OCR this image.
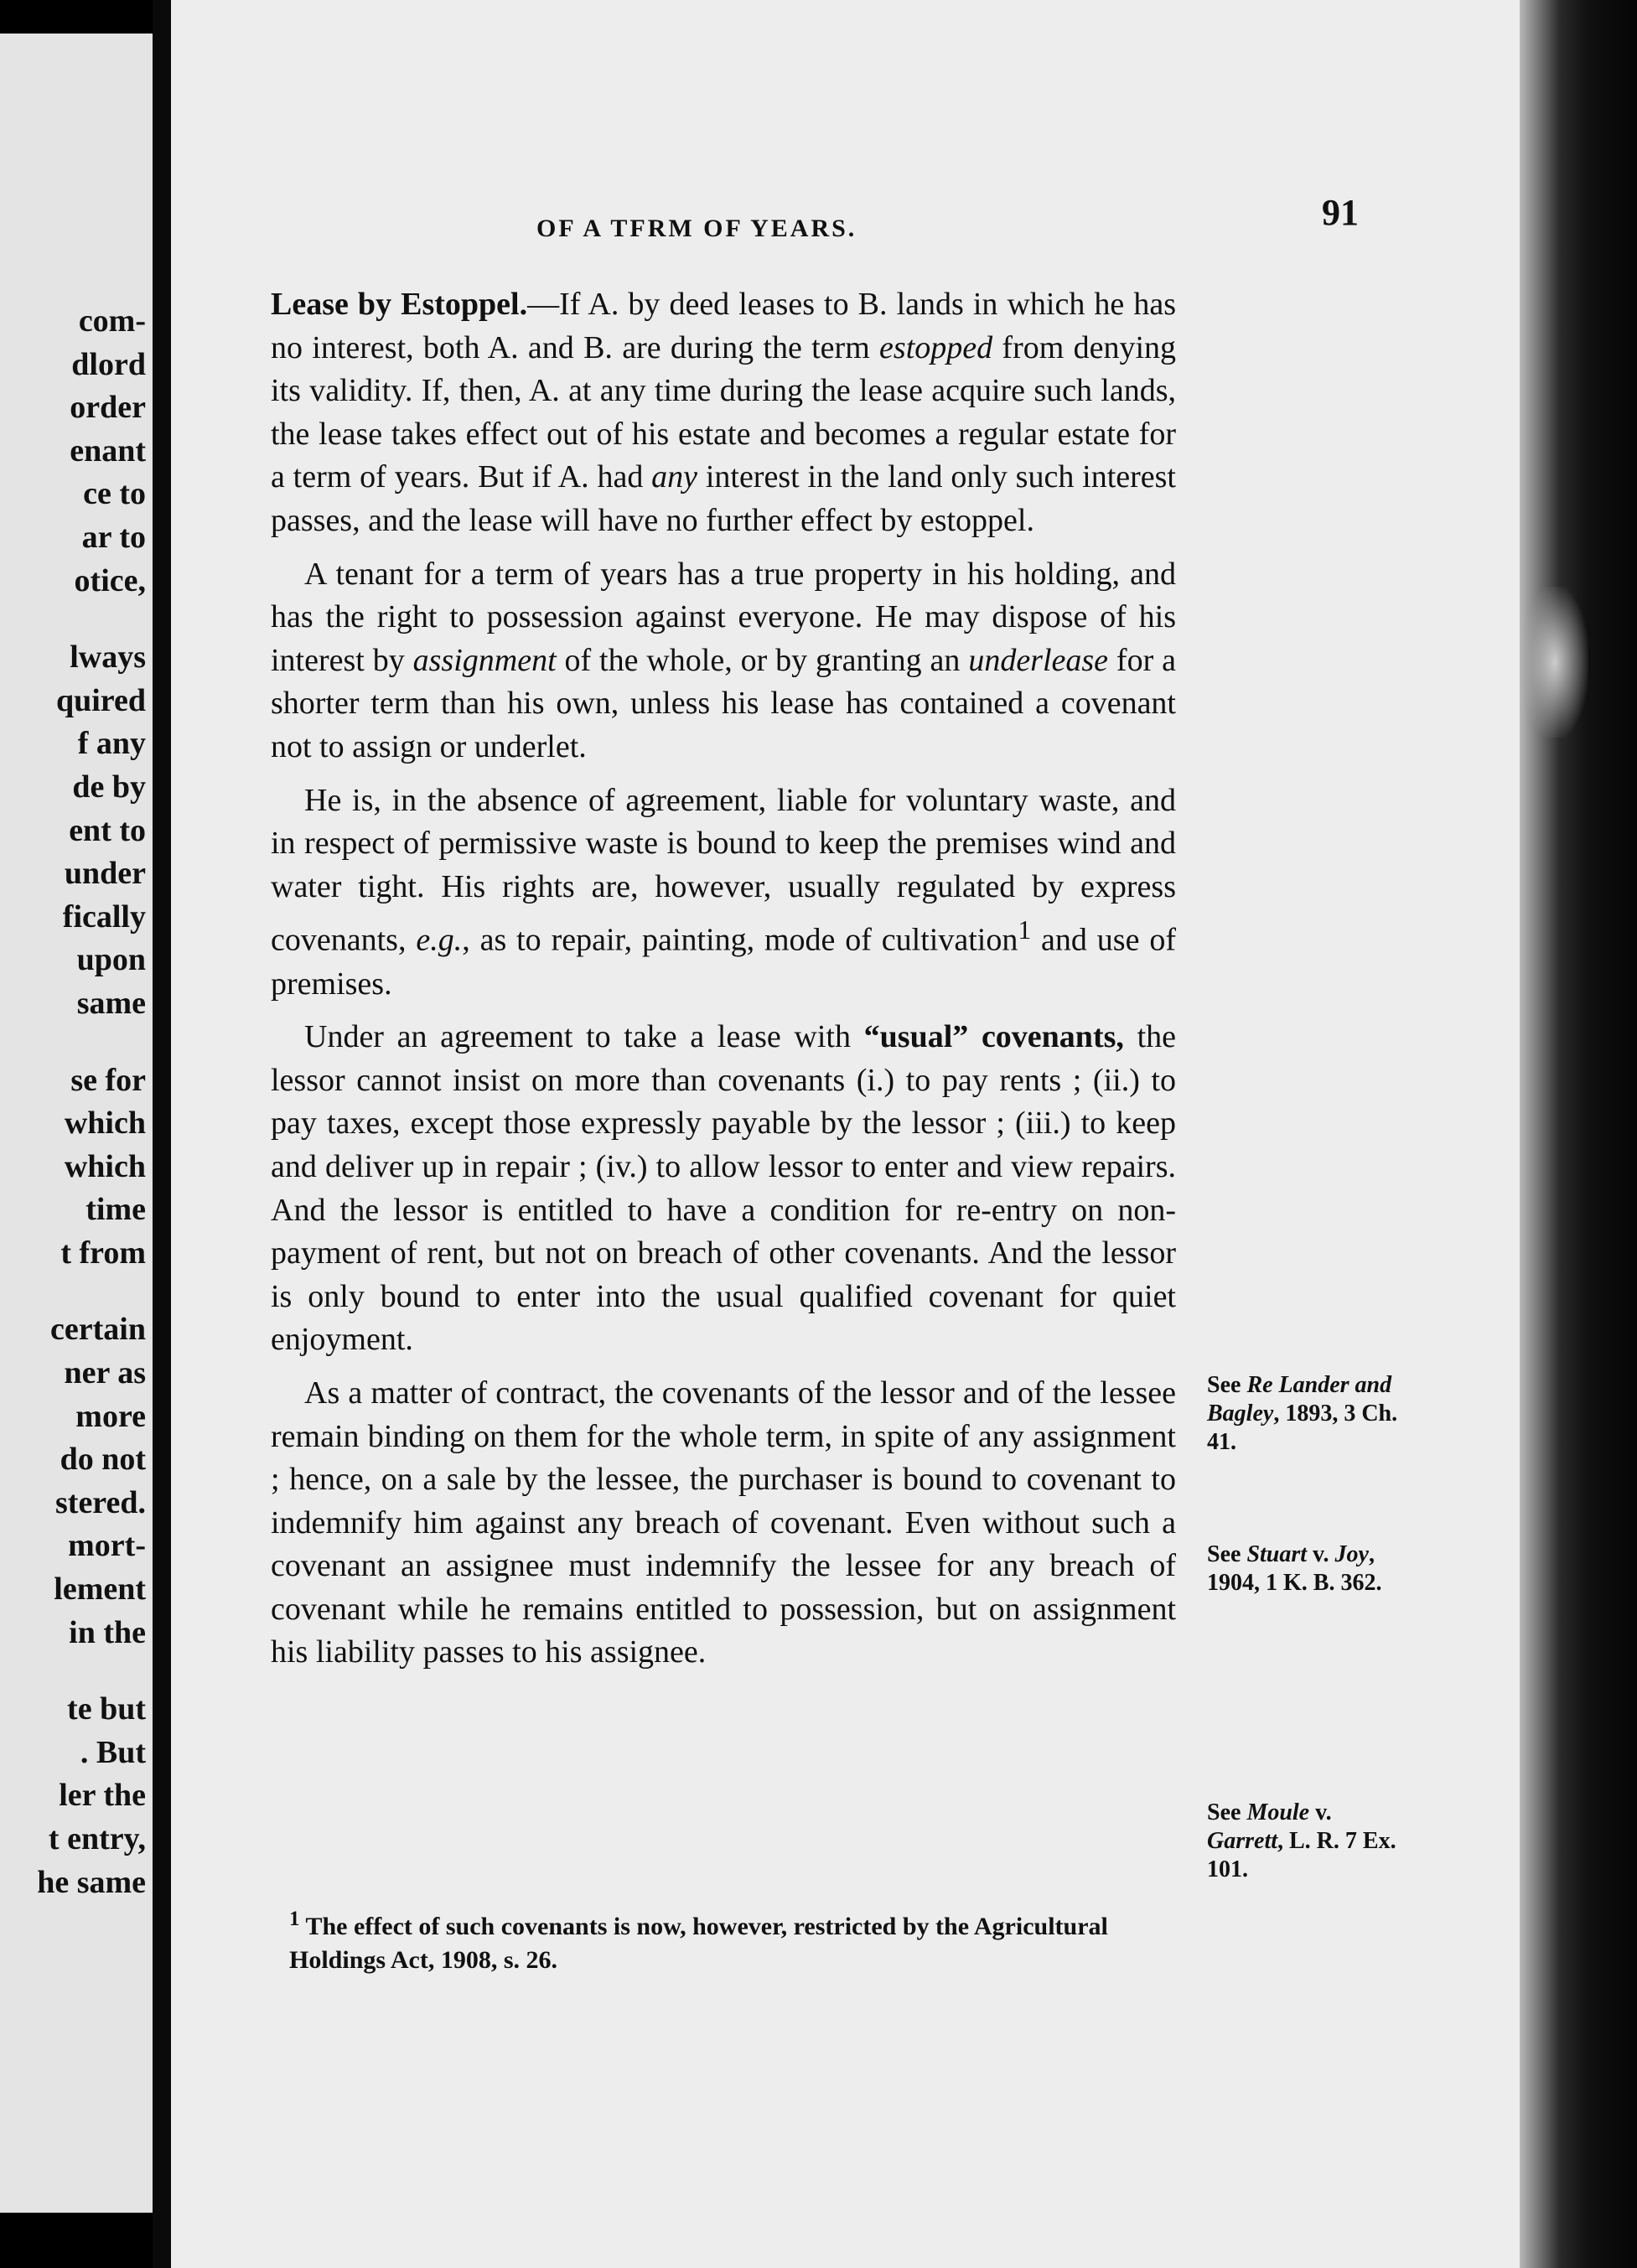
com-
dlord
order
enant
ce to
ar to
otice,
lways
quired
f any
de by
ent to
under
fically
upon
same
se for
which
which
time
t from
certain
ner as
more
do not
stered.
mort-
lement
in the
te but
. But
ler the
t entry,
he same
OF A TFRM OF YEARS.	91

Lease by Estoppel.—If A. by deed leases to B. lands in which he has no interest, both A. and B. are during the term estopped from denying its validity. If, then, A. at any time during the lease acquire such lands, the lease takes effect out of his estate and becomes a regular estate for a term of years. But if A. had any interest in the land only such interest passes, and the lease will have no further effect by estoppel.

A tenant for a term of years has a true property in his holding, and has the right to possession against everyone. He may dispose of his interest by assignment of the whole, or by granting an underlease for a shorter term than his own, unless his lease has contained a covenant not to assign or underlet.

He is, in the absence of agreement, liable for voluntary waste, and in respect of permissive waste is bound to keep the premises wind and water tight. His rights are, however, usually regulated by express covenants, e.g., as to repair, painting, mode of cultivation$^1$ and use of premises.

Under an agreement to take a lease with “usual” covenants, the lessor cannot insist on more than covenants (i.) to pay rents ; (ii.) to pay taxes, except those expressly payable by the lessor ; (iii.) to keep and deliver up in repair ; (iv.) to allow lessor to enter and view repairs. And the lessor is entitled to have a condition for re-entry on non-payment of rent, but not on breach of other covenants. And the lessor is only bound to enter into the usual qualified covenant for quiet enjoyment.

As a matter of contract, the covenants of the lessor and of the lessee remain binding on them for the whole term, in spite of any assignment ; hence, on a sale by the lessee, the purchaser is bound to covenant to indemnify him against any breach of covenant. Even without such a covenant an assignee must indemnify the lessee for any breach of covenant while he remains entitled to possession, but on assignment his liability passes to his assignee.

$^1$ The effect of such covenants is now, however, restricted by the Agricultural Holdings Act, 1908, s. 26.
See Re Lander and Bagley, 1893, 3 Ch. 41.
See Stuart v. Joy, 1904, 1 K. B. 362.
See Moule v. Garrett, L. R. 7 Ex. 101.
